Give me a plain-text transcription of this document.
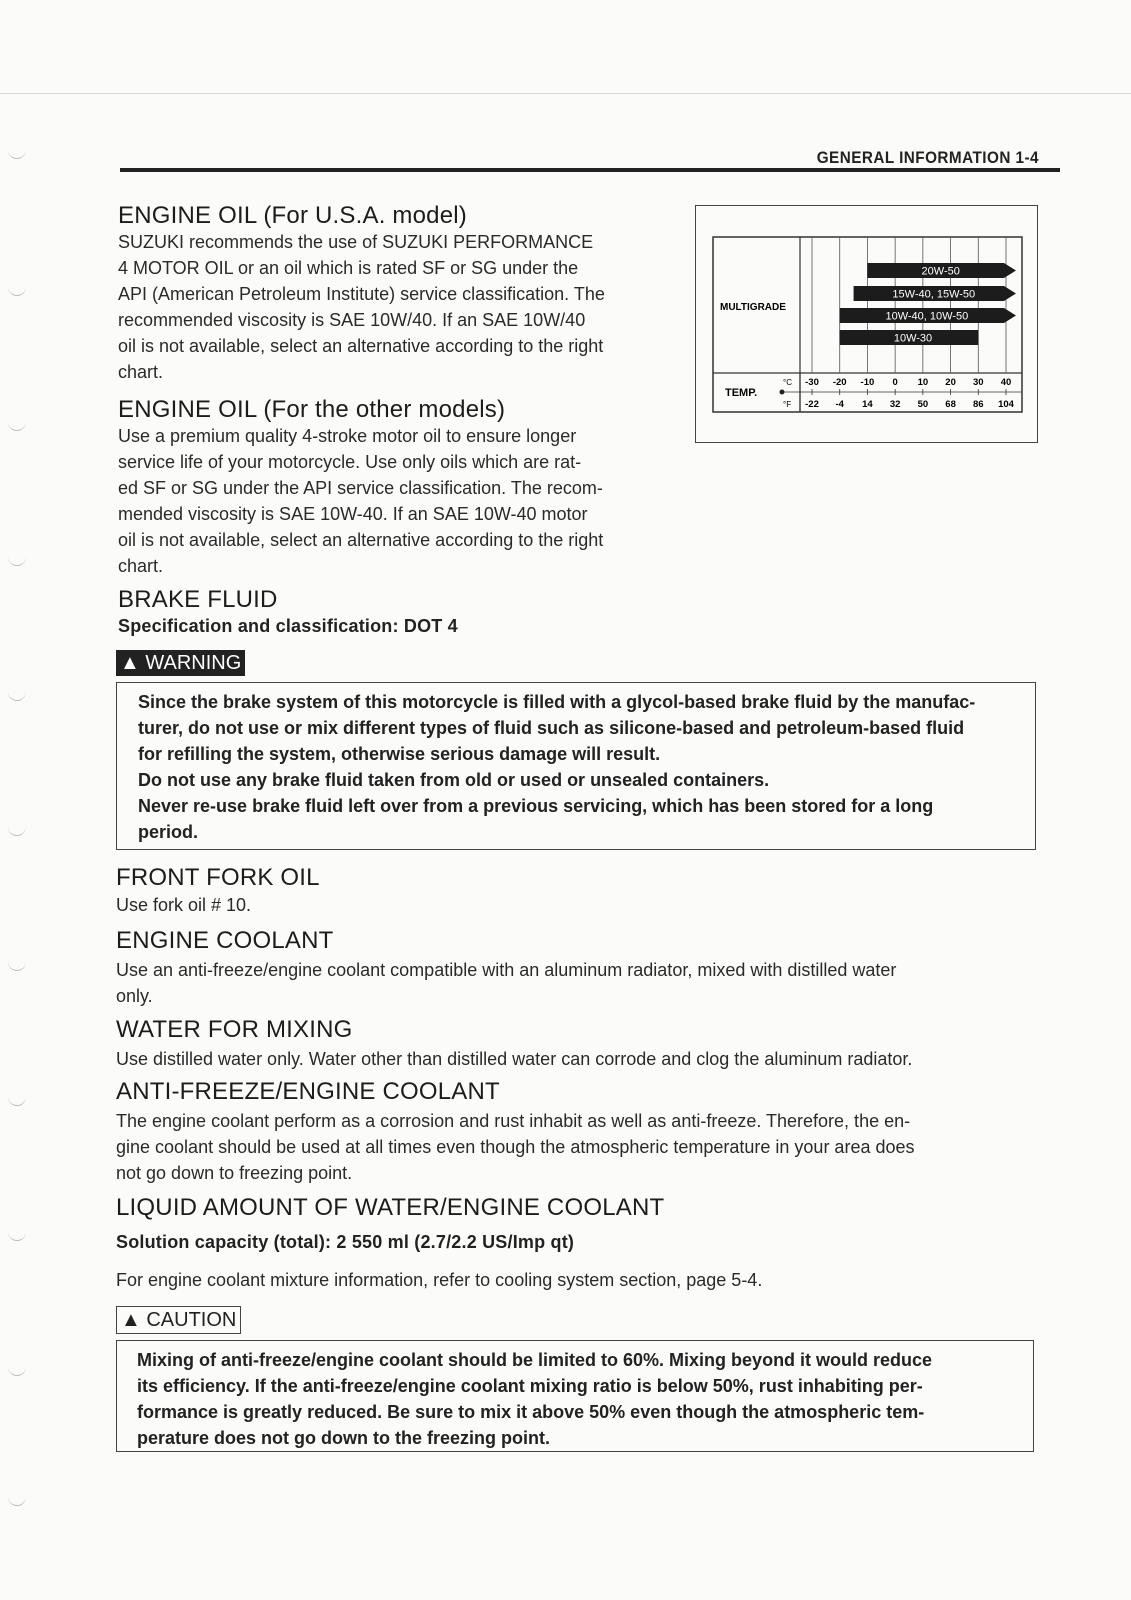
GENERAL INFORMATION 1-4
ENGINE OIL (For U.S.A. model)
SUZUKI recommends the use of SUZUKI PERFORMANCE
4 MOTOR OIL or an oil which is rated SF or SG under the
API (American Petroleum Institute) service classification. The
recommended viscosity is SAE 10W/40. If an SAE 10W/40
oil is not available, select an alternative according to the right
chart.
ENGINE OIL (For the other models)
Use a premium quality 4-stroke motor oil to ensure longer
service life of your motorcycle. Use only oils which are rat-
ed SF or SG under the API service classification. The recom-
mended viscosity is SAE 10W-40. If an SAE 10W-40 motor
oil is not available, select an alternative according to the right
chart.
BRAKE FLUID
Specification and classification: DOT 4
▲ WARNING

Since the brake system of this motorcycle is filled with a glycol-based brake fluid by the manufac-

turer, do not use or mix different types of fluid such as silicone-based and petroleum-based fluid

for refilling the system, otherwise serious damage will result.

Do not use any brake fluid taken from old or used or unsealed containers.

Never re-use brake fluid left over from a previous servicing, which has been stored for a long

period.

FRONT FORK OIL
Use fork oil # 10.
ENGINE COOLANT
Use an anti-freeze/engine coolant compatible with an aluminum radiator, mixed with distilled water
only.
WATER FOR MIXING
Use distilled water only. Water other than distilled water can corrode and clog the aluminum radiator.
ANTI-FREEZE/ENGINE COOLANT
The engine coolant perform as a corrosion and rust inhabit as well as anti-freeze. Therefore, the en-
gine coolant should be used at all times even though the atmospheric temperature in your area does
not go down to freezing point.
LIQUID AMOUNT OF WATER/ENGINE COOLANT
Solution capacity (total): 2 550 ml (2.7/2.2 US/Imp qt)
For engine coolant mixture information, refer to cooling system section, page 5-4.
▲ CAUTION

Mixing of anti-freeze/engine coolant should be limited to 60%. Mixing beyond it would reduce

its efficiency. If the anti-freeze/engine coolant mixing ratio is below 50%, rust inhabiting per-

formance is greatly reduced. Be sure to mix it above 50% even though the atmospheric tem-

perature does not go down to the freezing point.

MULTIGRADE
TEMP.
°C
°F
20W-50
15W-40, 15W-50
10W-40, 10W-50
10W-30
-30 -20 -10 0 10 20 30 40
-22 -4 14 32 50 68 86 104
